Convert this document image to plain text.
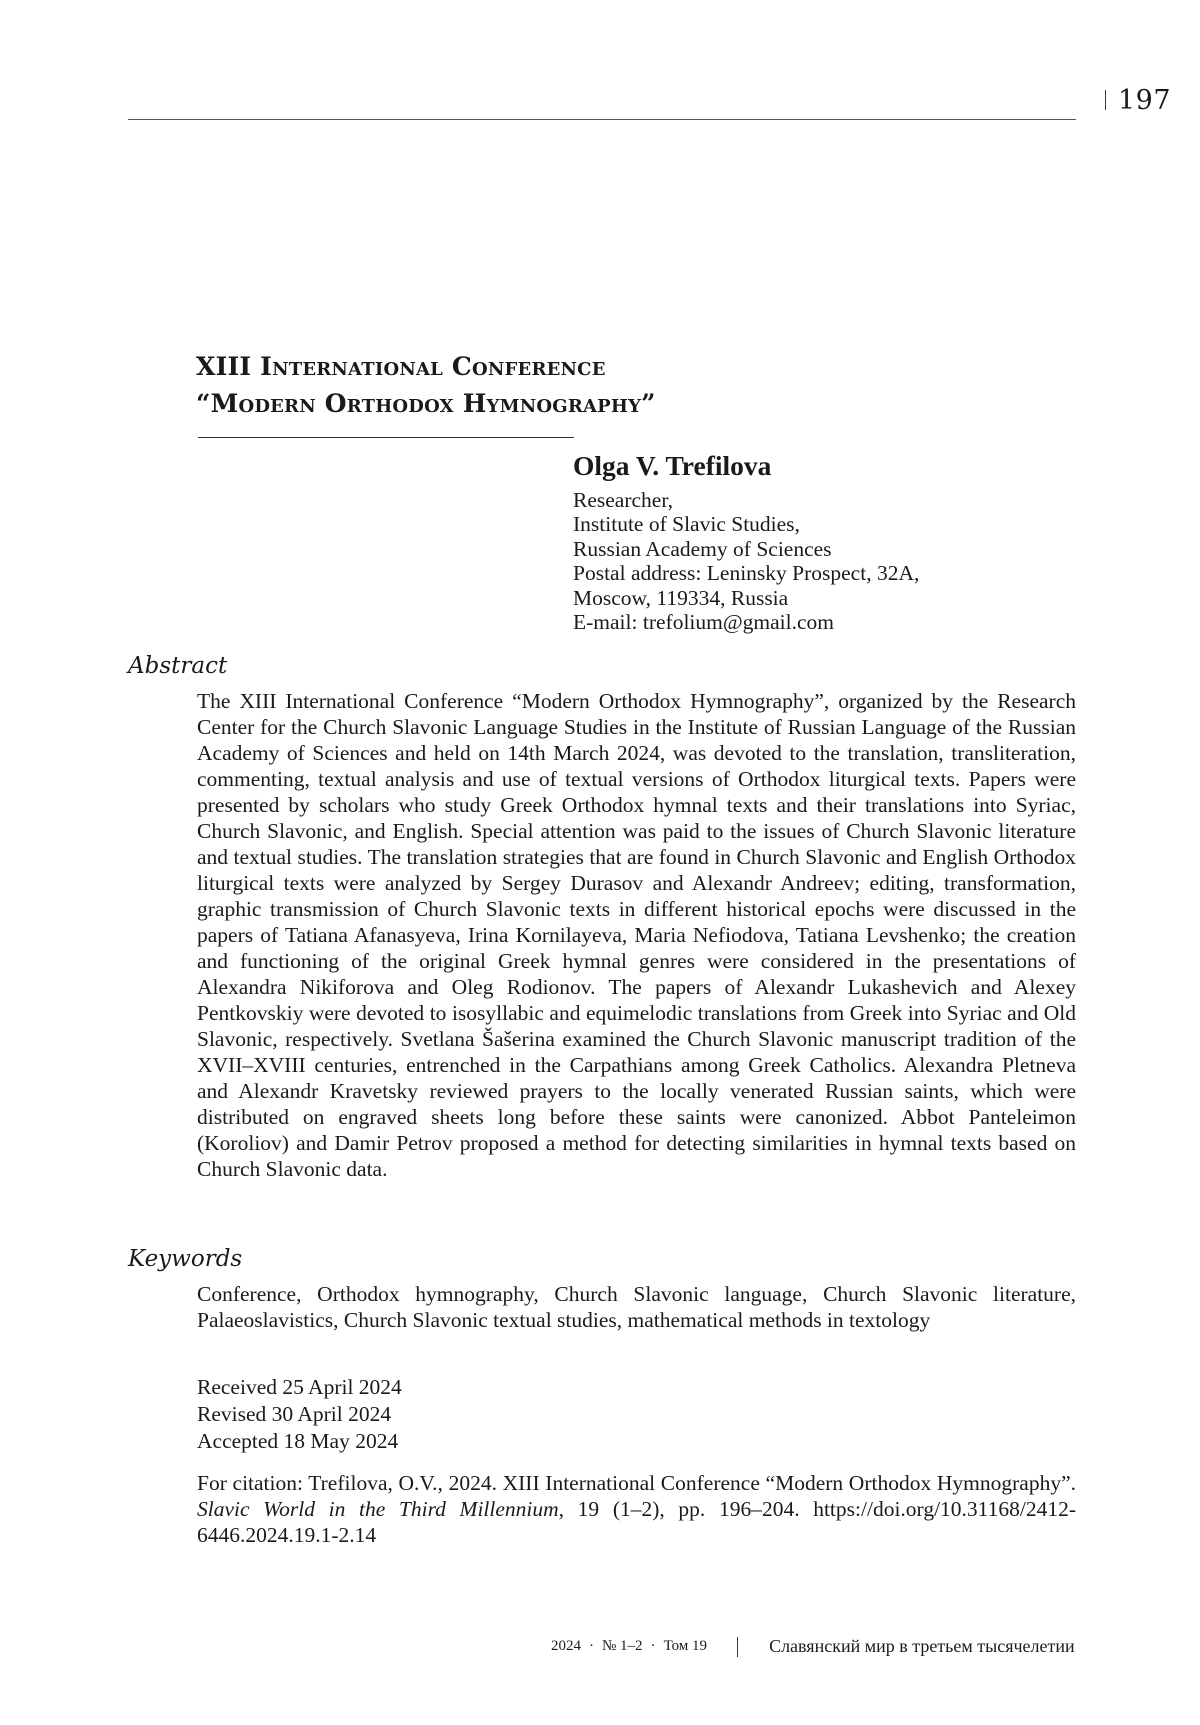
197
XIII International Conference
“Modern Orthodox Hymnography”
Olga V. Trefilova
Researcher,
Institute of Slavic Studies,
Russian Academy of Sciences
Postal address: Leninsky Prospect, 32A,
Moscow, 119334, Russia
E-mail: trefolium@gmail.com
Abstract

The XIII International Conference “Modern Orthodox Hymnography”, organized by the Research Center for the Church Slavonic Language Studies in the Institute of Russian Language of the Russian Academy of Sciences and held on 14th March 2024, was devoted to the translation, transliteration, commenting, textual analysis and use of textual versions of Orthodox liturgical texts. Papers were presented by scholars who study Greek Orthodox hymnal texts and their translations into Syriac, Church Slavonic, and English. Special attention was paid to the issues of Church Slavonic literature and textual studies. The translation strategies that are found in Church Slavonic and English Orthodox liturgical texts were analyzed by Sergey Durasov and Alexandr Andreev; editing, transformation, graphic transmission of Church Slavonic texts in different historical epochs were discussed in the papers of Tatiana Afanasyeva, Irina Kornilayeva, Maria Nefiodova, Tatiana Levshenko; the creation and functioning of the original Greek hymnal genres were considered in the presentations of Alexandra Nikiforova and Oleg Rodionov. The papers of Alexandr Lukashevich and Alexey Pentkovskiy were devoted to isosyllabic and equimelodic translations from Greek into Syriac and Old Slavonic, respectively. Svetlana Šašerina examined the Church Slavonic manuscript tradition of the XVII–XVIII centuries, entrenched in the Carpathians among Greek Catholics. Alexandra Pletneva and Alexandr Kravetsky reviewed prayers to the locally venerated Russian saints, which were distributed on engraved sheets long before these saints were canonized. Abbot Panteleimon (Koroliov) and Damir Petrov proposed a method for detecting similarities in hymnal texts based on Church Slavonic data.

Keywords

Conference, Orthodox hymnography, Church Slavonic language, Church Slavonic literature, Palaeoslavistics, Church Slavonic textual studies, mathematical methods in textology

Received 25 April 2024
Revised 30 April 2024
Accepted 18 May 2024

For citation: Trefilova, O.V., 2024. XIII International Conference “Modern Orthodox Hymnography”. Slavic World in the Third Millennium, 19 (1–2), pp. 196–204. https://doi.org/10.31168/2412-6446.2024.19.1-2.14

2024 · № 1–2 · Том 19	Славянский мир в третьем тысячелетии
